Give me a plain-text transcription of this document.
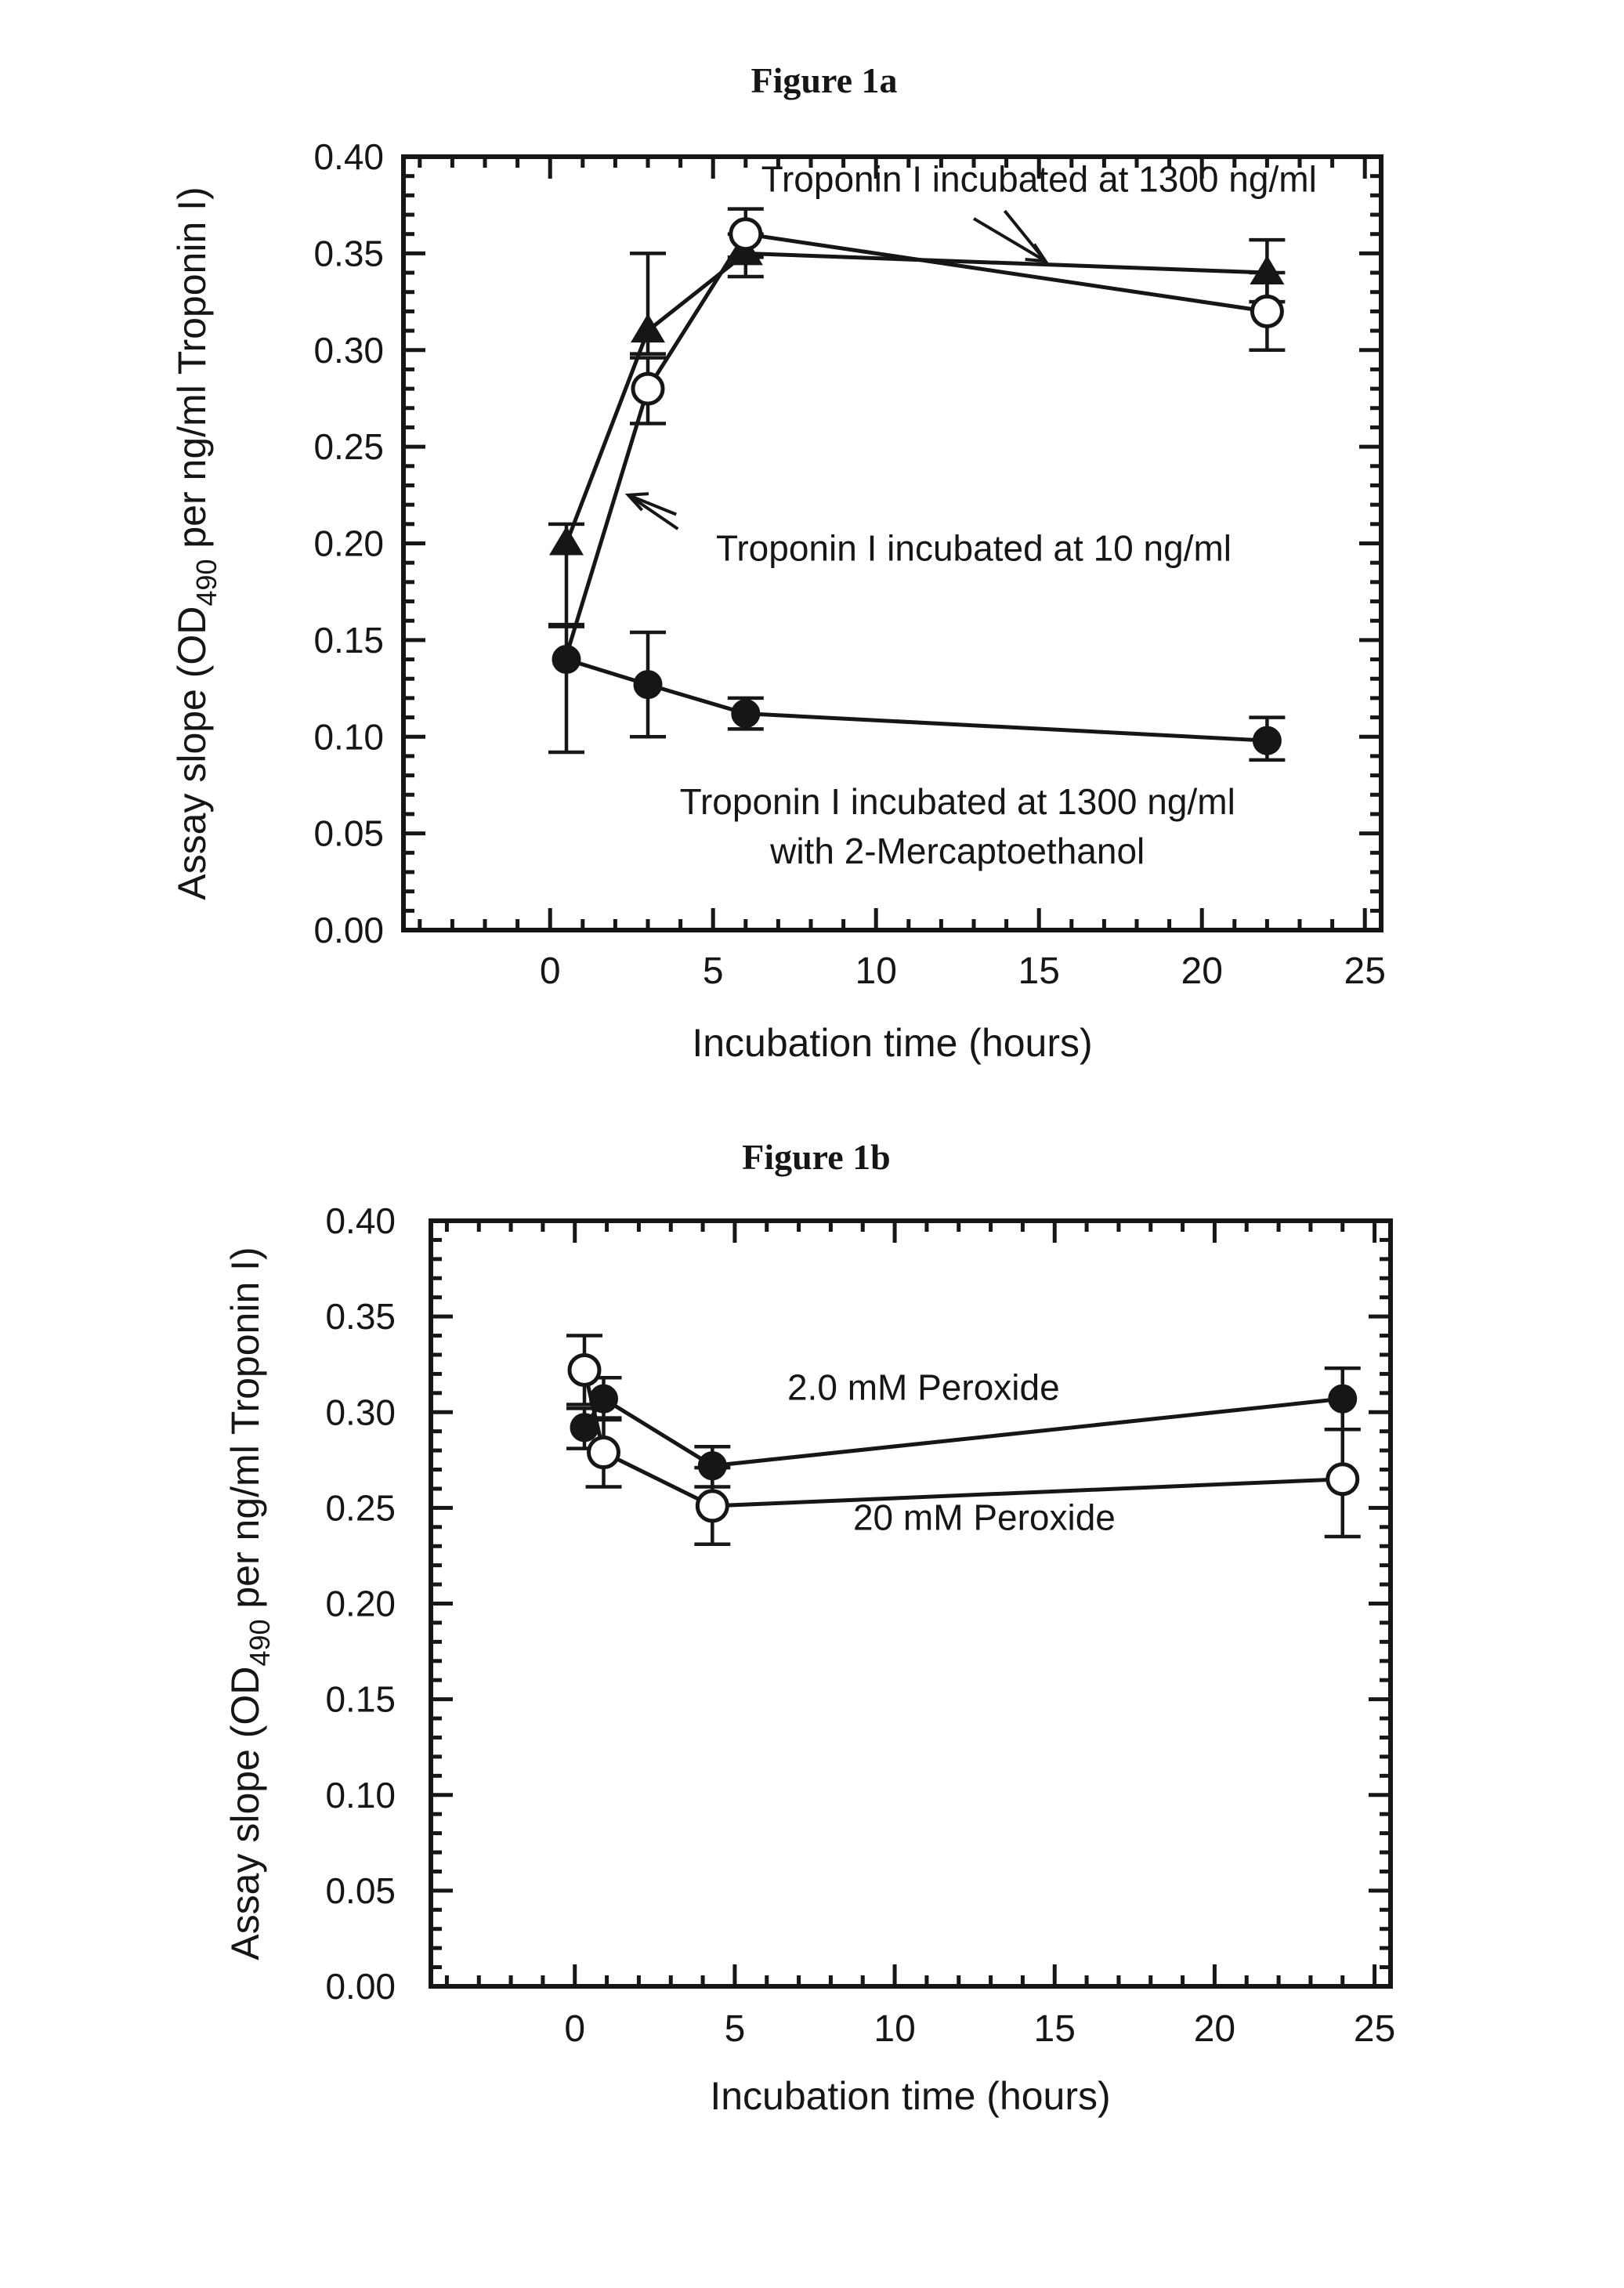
Figure 1a
0.00
0.05
0.10
0.15
0.20
0.25
0.30
0.35
0.40
0	5	10	15	20	25
Incubation time (hours)
Assay slope ($OD_{490}$ per ng/ml Troponin I)
Troponin I incubated at 1300 ng/ml
Troponin I incubated at 10 ng/ml
Troponin I incubated at 1300 ng/ml
with 2-Mercaptoethanol
Figure 1b
0.00
0.05
0.10
0.15
0.20
0.25
0.30
0.35
0.40
0	5	10	15	20	25
Incubation time (hours)
Assay slope ($OD_{490}$ per ng/ml Troponin I)	2.0 mM Peroxide
20 mM Peroxide
